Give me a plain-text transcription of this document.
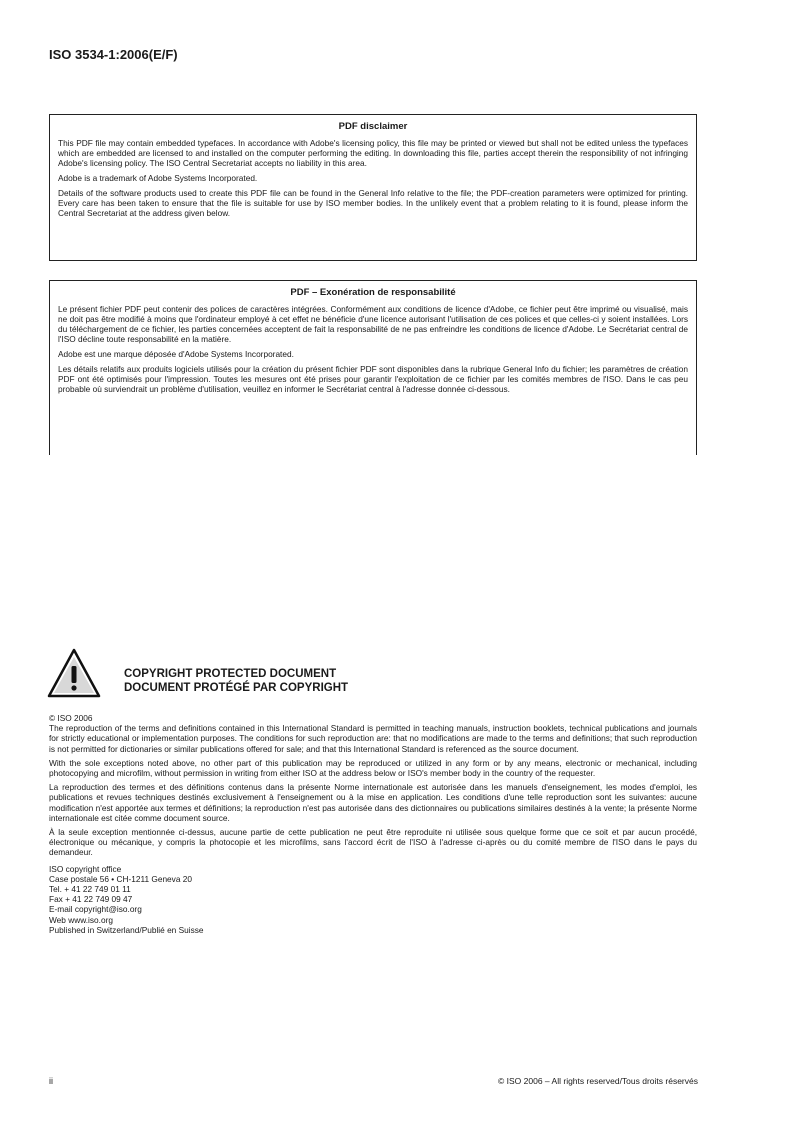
ISO 3534-1:2006(E/F)
PDF disclaimer

This PDF file may contain embedded typefaces. In accordance with Adobe's licensing policy, this file may be printed or viewed but shall not be edited unless the typefaces which are embedded are licensed to and installed on the computer performing the editing. In downloading this file, parties accept therein the responsibility of not infringing Adobe's licensing policy. The ISO Central Secretariat accepts no liability in this area.

Adobe is a trademark of Adobe Systems Incorporated.

Details of the software products used to create this PDF file can be found in the General Info relative to the file; the PDF-creation parameters were optimized for printing. Every care has been taken to ensure that the file is suitable for use by ISO member bodies. In the unlikely event that a problem relating to it is found, please inform the Central Secretariat at the address given below.

PDF – Exonération de responsabilité

Le présent fichier PDF peut contenir des polices de caractères intégrées. Conformément aux conditions de licence d'Adobe, ce fichier peut être imprimé ou visualisé, mais ne doit pas être modifié à moins que l'ordinateur employé à cet effet ne bénéficie d'une licence autorisant l'utilisation de ces polices et que celles-ci y soient installées. Lors du téléchargement de ce fichier, les parties concernées acceptent de fait la responsabilité de ne pas enfreindre les conditions de licence d'Adobe. Le Secrétariat central de l'ISO décline toute responsabilité en la matière.

Adobe est une marque déposée d'Adobe Systems Incorporated.

Les détails relatifs aux produits logiciels utilisés pour la création du présent fichier PDF sont disponibles dans la rubrique General Info du fichier; les paramètres de création PDF ont été optimisés pour l'impression. Toutes les mesures ont été prises pour garantir l'exploitation de ce fichier par les comités membres de l'ISO. Dans le cas peu probable où surviendrait un problème d'utilisation, veuillez en informer le Secrétariat central à l'adresse donnée ci-dessous.

COPYRIGHT PROTECTED DOCUMENT
DOCUMENT PROTÉGÉ PAR COPYRIGHT
© ISO 2006

The reproduction of the terms and definitions contained in this International Standard is permitted in teaching manuals, instruction booklets, technical publications and journals for strictly educational or implementation purposes. The conditions for such reproduction are: that no modifications are made to the terms and definitions; that such reproduction is not permitted for dictionaries or similar publications offered for sale; and that this International Standard is referenced as the source document.

With the sole exceptions noted above, no other part of this publication may be reproduced or utilized in any form or by any means, electronic or mechanical, including photocopying and microfilm, without permission in writing from either ISO at the address below or ISO's member body in the country of the requester.

La reproduction des termes et des définitions contenus dans la présente Norme internationale est autorisée dans les manuels d'enseignement, les modes d'emploi, les publications et revues techniques destinés exclusivement à l'enseignement ou à la mise en application. Les conditions d'une telle reproduction sont les suivantes: aucune modification n'est apportée aux termes et définitions; la reproduction n'est pas autorisée dans des dictionnaires ou publications similaires destinés à la vente; la présente Norme internationale est citée comme document source.

À la seule exception mentionnée ci-dessus, aucune partie de cette publication ne peut être reproduite ni utilisée sous quelque forme que ce soit et par aucun procédé, électronique ou mécanique, y compris la photocopie et les microfilms, sans l'accord écrit de l'ISO à l'adresse ci-après ou du comité membre de l'ISO dans le pays du demandeur.

ISO copyright office
Case postale 56 • CH-1211 Geneva 20
Tel. + 41 22 749 01 11
Fax + 41 22 749 09 47
E-mail copyright@iso.org
Web www.iso.org
Published in Switzerland/Publié en Suisse
ii	© ISO 2006 – All rights reserved/Tous droits réservés
